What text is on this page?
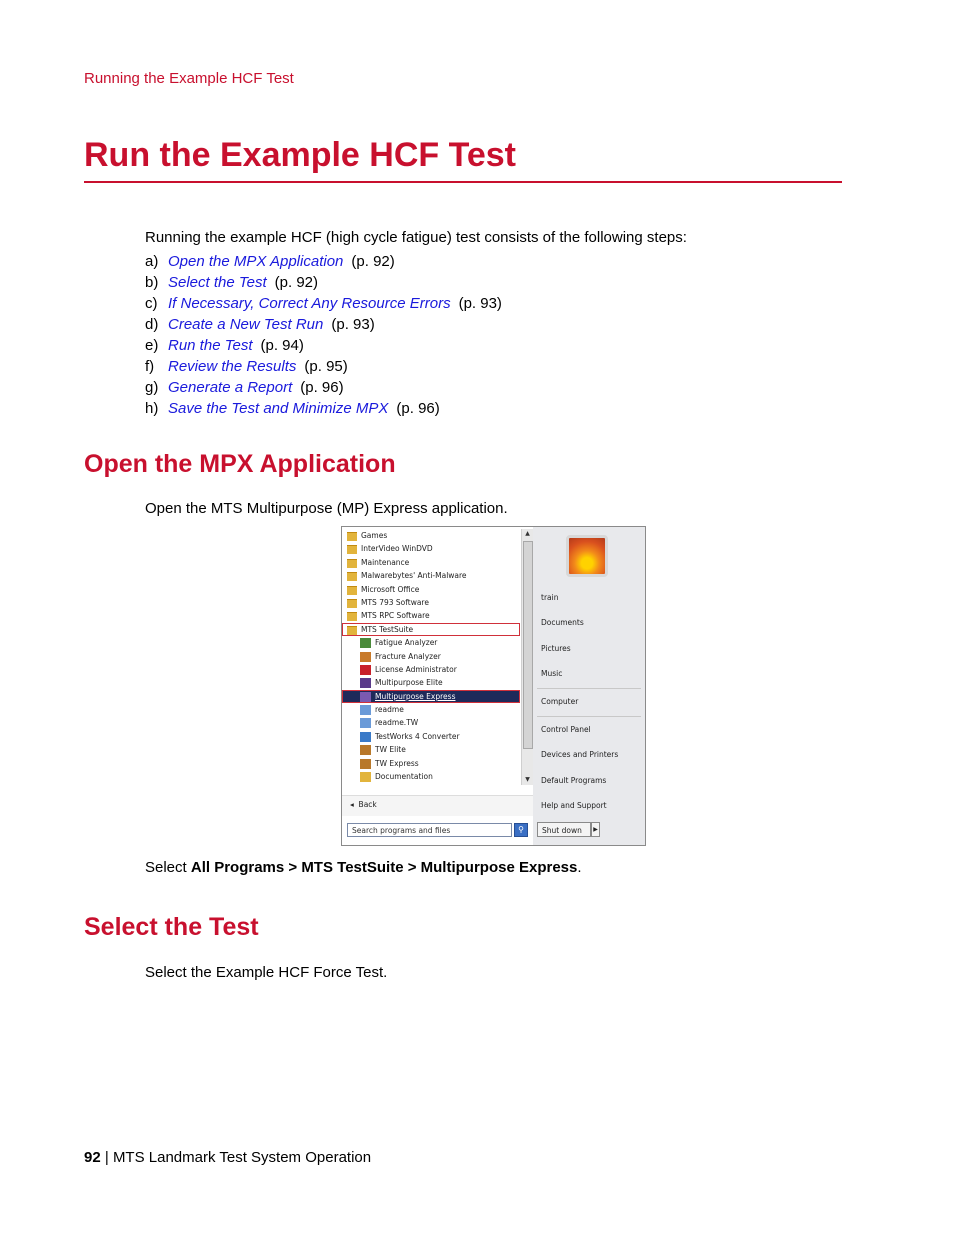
Running the Example HCF Test
Run the Example HCF Test
Running the example HCF (high cycle fatigue) test consists of the following steps:
a) Open the MPX Application (p. 92)
b) Select the Test (p. 92)
c) If Necessary, Correct Any Resource Errors (p. 93)
d) Create a New Test Run (p. 93)
e) Run the Test (p. 94)
f) Review the Results (p. 95)
g) Generate a Report (p. 96)
h) Save the Test and Minimize MPX (p. 96)
Open the MPX Application
Open the MTS Multipurpose (MP) Express application.
Games
InterVideo WinDVD
Maintenance
Malwarebytes' Anti-Malware
Microsoft Office
MTS 793 Software
MTS RPC Software
MTS TestSuite
Fatigue Analyzer
Fracture Analyzer
License Administrator
Multipurpose Elite
Multipurpose Express
readme
readme.TW
TestWorks 4 Converter
TW Elite
TW Express
Documentation
▲
▼
◂ Back
Search programs and files	⚲
train
Documents
Pictures
Music
Computer
Control Panel
Devices and Printers
Default Programs
Help and Support
Shut down	▶
Select All Programs > MTS TestSuite > Multipurpose Express.
Select the Test
Select the Example HCF Force Test.
92 | MTS Landmark Test System Operation
